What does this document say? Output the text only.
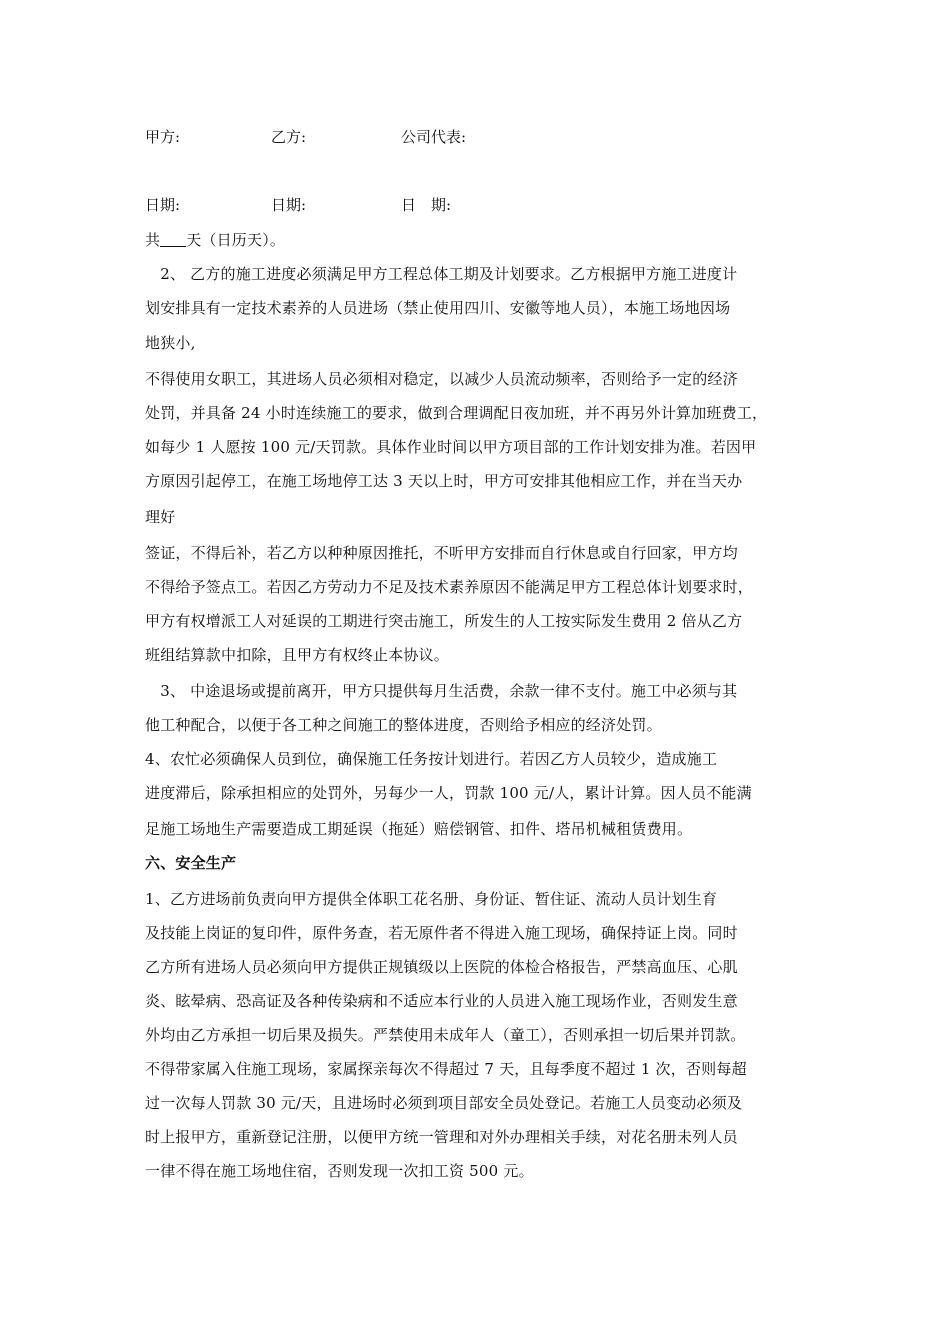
甲方:	乙方:	公司代表:
日期:	日期:	日　期:
共 天（日历天）。
　2、 乙方的施工进度必须满足甲方工程总体工期及计划要求。乙方根据甲方施工进度计
划安排具有一定技术素养的人员进场（禁止使用四川、安徽等地人员），本施工场地因场
地狭小,
不得使用女职工，其进场人员必须相对稳定，以减少人员流动频率，否则给予一定的经济
处罚，并具备 24 小时连续施工的要求，做到合理调配日夜加班，并不再另外计算加班费工，
如每少 1 人愿按 100 元/天罚款。具体作业时间以甲方项目部的工作计划安排为准。若因甲
方原因引起停工，在施工场地停工达 3 天以上时，甲方可安排其他相应工作，并在当天办
理好
签证，不得后补，若乙方以种种原因推托，不听甲方安排而自行休息或自行回家，甲方均
不得给予签点工。若因乙方劳动力不足及技术素养原因不能满足甲方工程总体计划要求时，
甲方有权增派工人对延误的工期进行突击施工，所发生的人工按实际发生费用 2 倍从乙方
班组结算款中扣除，且甲方有权终止本协议。
　3、 中途退场或提前离开，甲方只提供每月生活费，余款一律不支付。施工中必须与其
他工种配合，以便于各工种之间施工的整体进度，否则给予相应的经济处罚。
4、农忙必须确保人员到位，确保施工任务按计划进行。若因乙方人员较少，造成施工
进度滞后，除承担相应的处罚外，另每少一人，罚款 100 元/人，累计计算。因人员不能满
足施工场地生产需要造成工期延误（拖延）赔偿钢管、扣件、塔吊机械租赁费用。
六、安全生产
1、乙方进场前负责向甲方提供全体职工花名册、身份证、暂住证、流动人员计划生育
及技能上岗证的复印件，原件务查，若无原件者不得进入施工现场，确保持证上岗。同时
乙方所有进场人员必须向甲方提供正规镇级以上医院的体检合格报告，严禁高血压、心肌
炎、眩晕病、恐高证及各种传染病和不适应本行业的人员进入施工现场作业，否则发生意
外均由乙方承担一切后果及损失。严禁使用未成年人（童工），否则承担一切后果并罚款。
不得带家属入住施工现场，家属探亲每次不得超过 7 天，且每季度不超过 1 次，否则每超
过一次每人罚款 30 元/天，且进场时必须到项目部安全员处登记。若施工人员变动必须及
时上报甲方，重新登记注册，以便甲方统一管理和对外办理相关手续，对花名册未列人员
一律不得在施工场地住宿，否则发现一次扣工资 500 元。
